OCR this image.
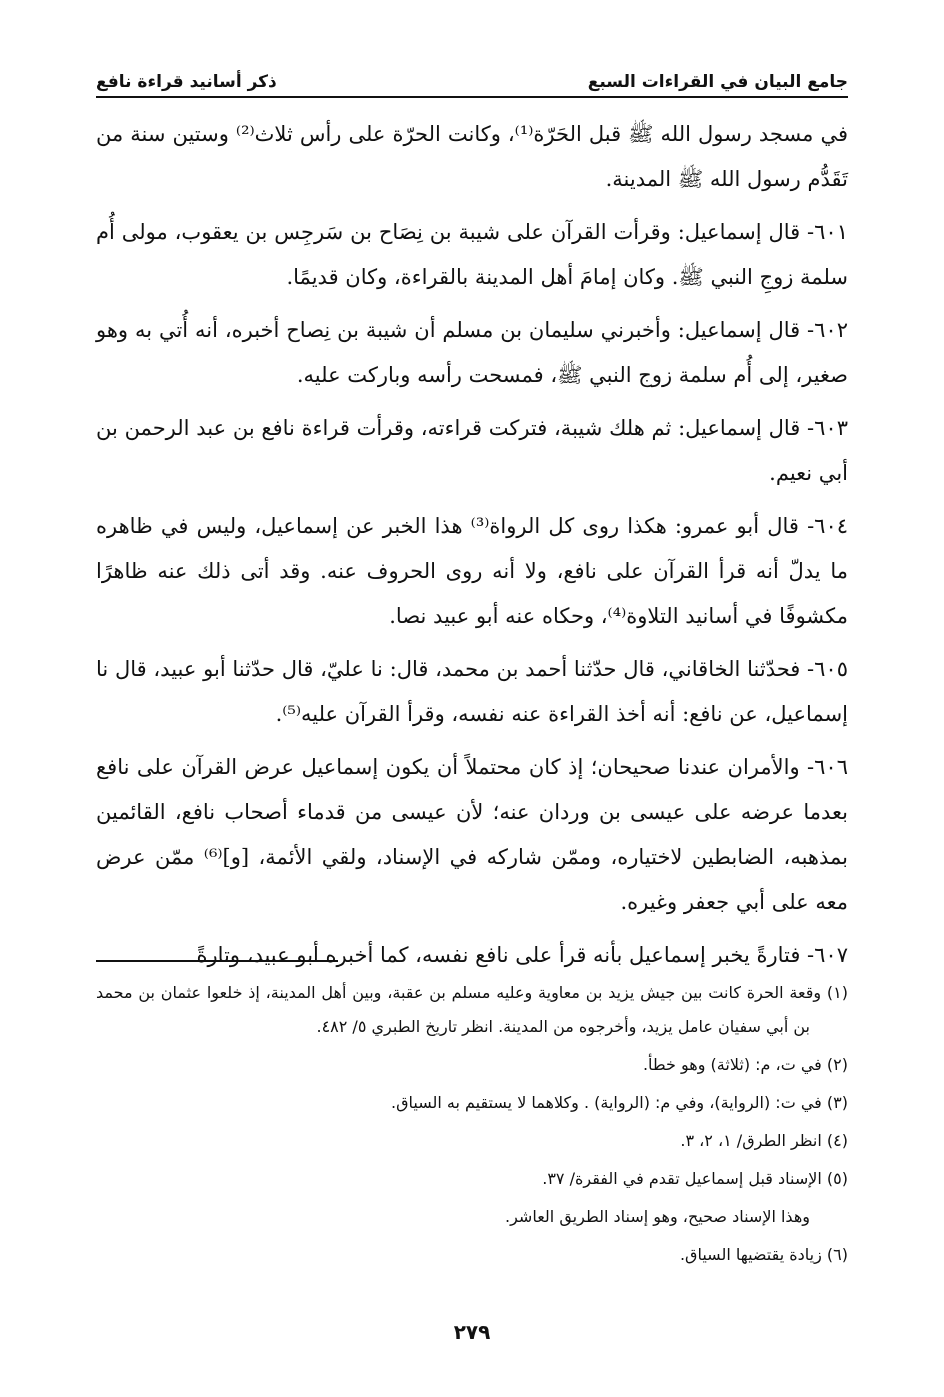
جامع البيان في القراءات السبع
ذكر أسانيد قراءة نافع

في مسجد رسول الله ﷺ قبل الحَرّة⁽¹⁾، وكانت الحرّة على رأس ثلاث⁽²⁾ وستين سنة من تَقَدُّم رسول الله ﷺ المدينة.

٦٠١- قال إسماعيل: وقرأت القرآن على شيبة بن نِصَاح بن سَرجِس بن يعقوب، مولى أُم سلمة زوجِ النبي ﷺ. وكان إمامَ أهل المدينة بالقراءة، وكان قديمًا.

٦٠٢- قال إسماعيل: وأخبرني سليمان بن مسلم أن شيبة بن نِصاح أخبره، أنه أُتي به وهو صغير، إلى أُم سلمة زوج النبي ﷺ، فمسحت رأسه وباركت عليه.

٦٠٣- قال إسماعيل: ثم هلك شيبة، فتركت قراءته، وقرأت قراءة نافع بن عبد الرحمن بن أبي نعيم.

٦٠٤- قال أبو عمرو: هكذا روى كل الرواة⁽³⁾ هذا الخبر عن إسماعيل، وليس في ظاهره ما يدلّ أنه قرأ القرآن على نافع، ولا أنه روى الحروف عنه. وقد أتى ذلك عنه ظاهرًا مكشوفًا في أسانيد التلاوة⁽⁴⁾، وحكاه عنه أبو عبيد نصا.

٦٠٥- فحدّثنا الخاقاني، قال حدّثنا أحمد بن محمد، قال: نا عليّ، قال حدّثنا أبو عبيد، قال نا إسماعيل، عن نافع: أنه أخذ القراءة عنه نفسه، وقرأ القرآن عليه⁽⁵⁾.

٦٠٦- والأمران عندنا صحيحان؛ إذ كان محتملاً أن يكون إسماعيل عرض القرآن على نافع بعدما عرضه على عيسى بن وردان عنه؛ لأن عيسى من قدماء أصحاب نافع، القائمين بمذهبه، الضابطين لاختياره، وممّن شاركه في الإسناد، ولقي الأئمة، [و]⁽⁶⁾ ممّن عرض معه على أبي جعفر وغيره.

٦٠٧- فتارةً يخبر إسماعيل بأنه قرأ على نافع نفسه، كما أخبره أبو عبيد، وتارةً

(١) وقعة الحرة كانت بين جيش يزيد بن معاوية وعليه مسلم بن عقبة، وبين أهل المدينة، إذ خلعوا عثمان بن محمد بن أبي سفيان عامل يزيد، وأخرجوه من المدينة. انظر تاريخ الطبري ٥/ ٤٨٢.

(٢) في ت، م: (ثلاثة) وهو خطأ.

(٣) في ت: (الرواية)، وفي م: (الرواية) . وكلاهما لا يستقيم به السياق.

(٤) انظر الطرق/ ١، ٢، ٣.

(٥) الإسناد قبل إسماعيل تقدم في الفقرة/ ٣٧.

وهذا الإسناد صحيح، وهو إسناد الطريق العاشر.

(٦) زيادة يقتضيها السياق.

٢٧٩
